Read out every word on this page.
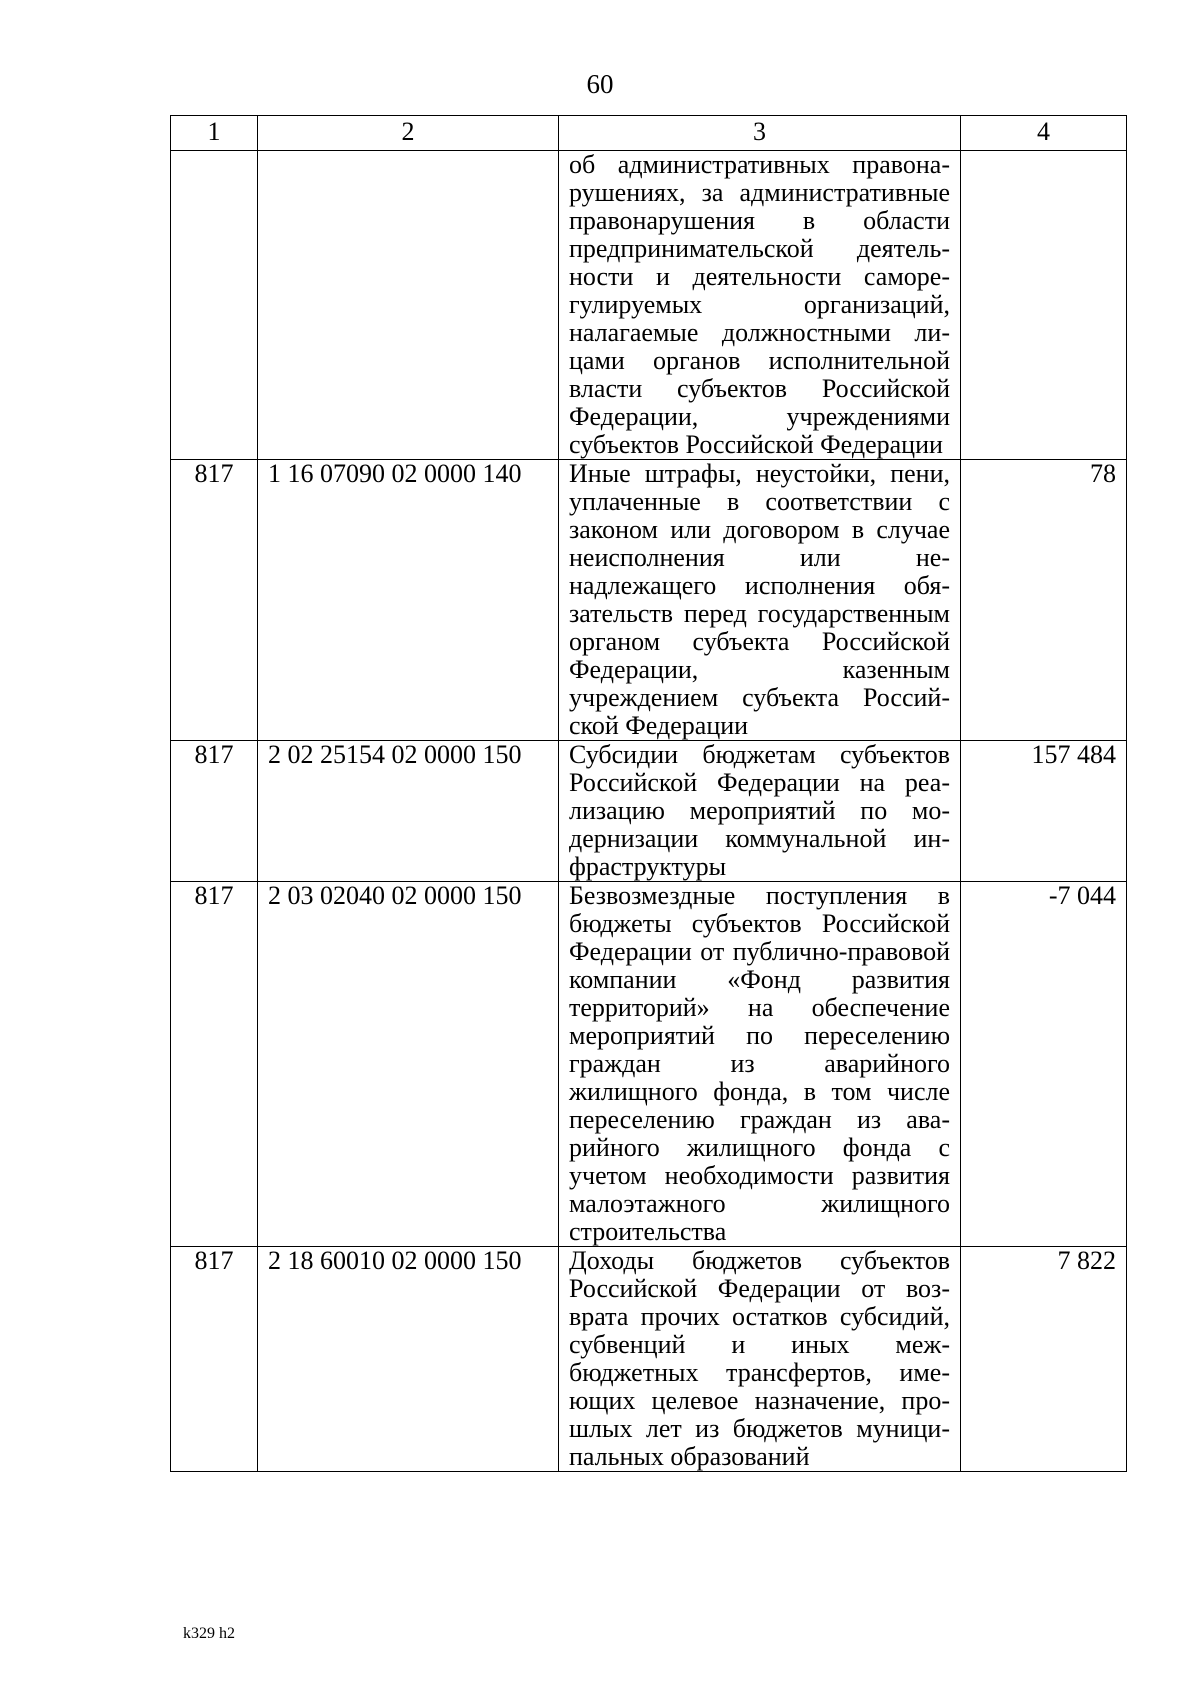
60
1	2	3	4
		об административных правонарушениях, за административные правонарушения в области предпринимательской деятельности и деятельности саморегулируемых организаций, налагаемые должностными лицами органов исполнительной власти субъектов Российской Федерации, учреждениями субъектов Российской Федерации	
817	1 16 07090 02 0000 140	Иные штрафы, неустойки, пени, уплаченные в соответствии с законом или договором в случае неисполнения или ненадлежащего исполнения обязательств перед государственным органом субъекта Российской Федерации, казенным учреждением субъекта Российской Федерации	78
817	2 02 25154 02 0000 150	Субсидии бюджетам субъектов Российской Федерации на реализацию мероприятий по модернизации коммунальной инфраструктуры	157 484
817	2 03 02040 02 0000 150	Безвозмездные поступления в бюджеты субъектов Российской Федерации от публично-правовой компании «Фонд развития территорий» на обеспечение мероприятий по переселению граждан из аварийного жилищного фонда, в том числе переселению граждан из аварийного жилищного фонда с учетом необходимости развития малоэтажного жилищного строительства	-7 044
817	2 18 60010 02 0000 150	Доходы бюджетов субъектов Российской Федерации от возврата прочих остатков субсидий, субвенций и иных межбюджетных трансфертов, имеющих целевое назначение, прошлых лет из бюджетов муниципальных образований	7 822
k329 h2
